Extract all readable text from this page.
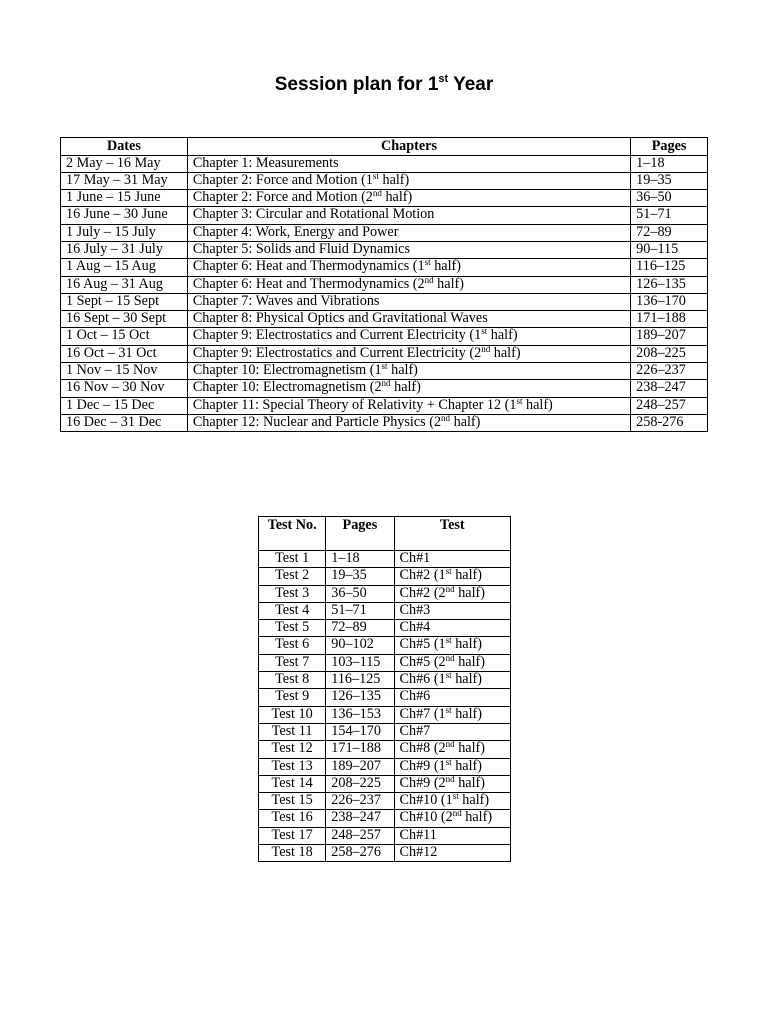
Session plan for 1st Year
Dates	Chapters	Pages
2 May – 16 May	Chapter 1: Measurements	1–18
17 May – 31 May	Chapter 2: Force and Motion (1st half)	19–35
1 June – 15 June	Chapter 2: Force and Motion (2nd half)	36–50
16 June – 30 June	Chapter 3: Circular and Rotational Motion	51–71
1 July – 15 July	Chapter 4: Work, Energy and Power	72–89
16 July – 31 July	Chapter 5: Solids and Fluid Dynamics	90–115
1 Aug – 15 Aug	Chapter 6: Heat and Thermodynamics (1st half)	116–125
16 Aug – 31 Aug	Chapter 6: Heat and Thermodynamics (2nd half)	126–135
1 Sept – 15 Sept	Chapter 7: Waves and Vibrations	136–170
16 Sept – 30 Sept	Chapter 8: Physical Optics and Gravitational Waves	171–188
1 Oct – 15 Oct	Chapter 9: Electrostatics and Current Electricity (1st half)	189–207
16 Oct – 31 Oct	Chapter 9: Electrostatics and Current Electricity (2nd half)	208–225
1 Nov – 15 Nov	Chapter 10: Electromagnetism (1st half)	226–237
16 Nov – 30 Nov	Chapter 10: Electromagnetism (2nd half)	238–247
1 Dec – 15 Dec	Chapter 11: Special Theory of Relativity + Chapter 12 (1st half)	248–257
16 Dec – 31 Dec	Chapter 12: Nuclear and Particle Physics (2nd half)	258-276
Test No.	Pages	Test
Test 1	1–18	Ch#1
Test 2	19–35	Ch#2 (1st half)
Test 3	36–50	Ch#2 (2nd half)
Test 4	51–71	Ch#3
Test 5	72–89	Ch#4
Test 6	90–102	Ch#5 (1st half)
Test 7	103–115	Ch#5 (2nd half)
Test 8	116–125	Ch#6 (1st half)
Test 9	126–135	Ch#6
Test 10	136–153	Ch#7 (1st half)
Test 11	154–170	Ch#7
Test 12	171–188	Ch#8 (2nd half)
Test 13	189–207	Ch#9 (1st half)
Test 14	208–225	Ch#9 (2nd half)
Test 15	226–237	Ch#10 (1st half)
Test 16	238–247	Ch#10 (2nd half)
Test 17	248–257	Ch#11
Test 18	258–276	Ch#12
